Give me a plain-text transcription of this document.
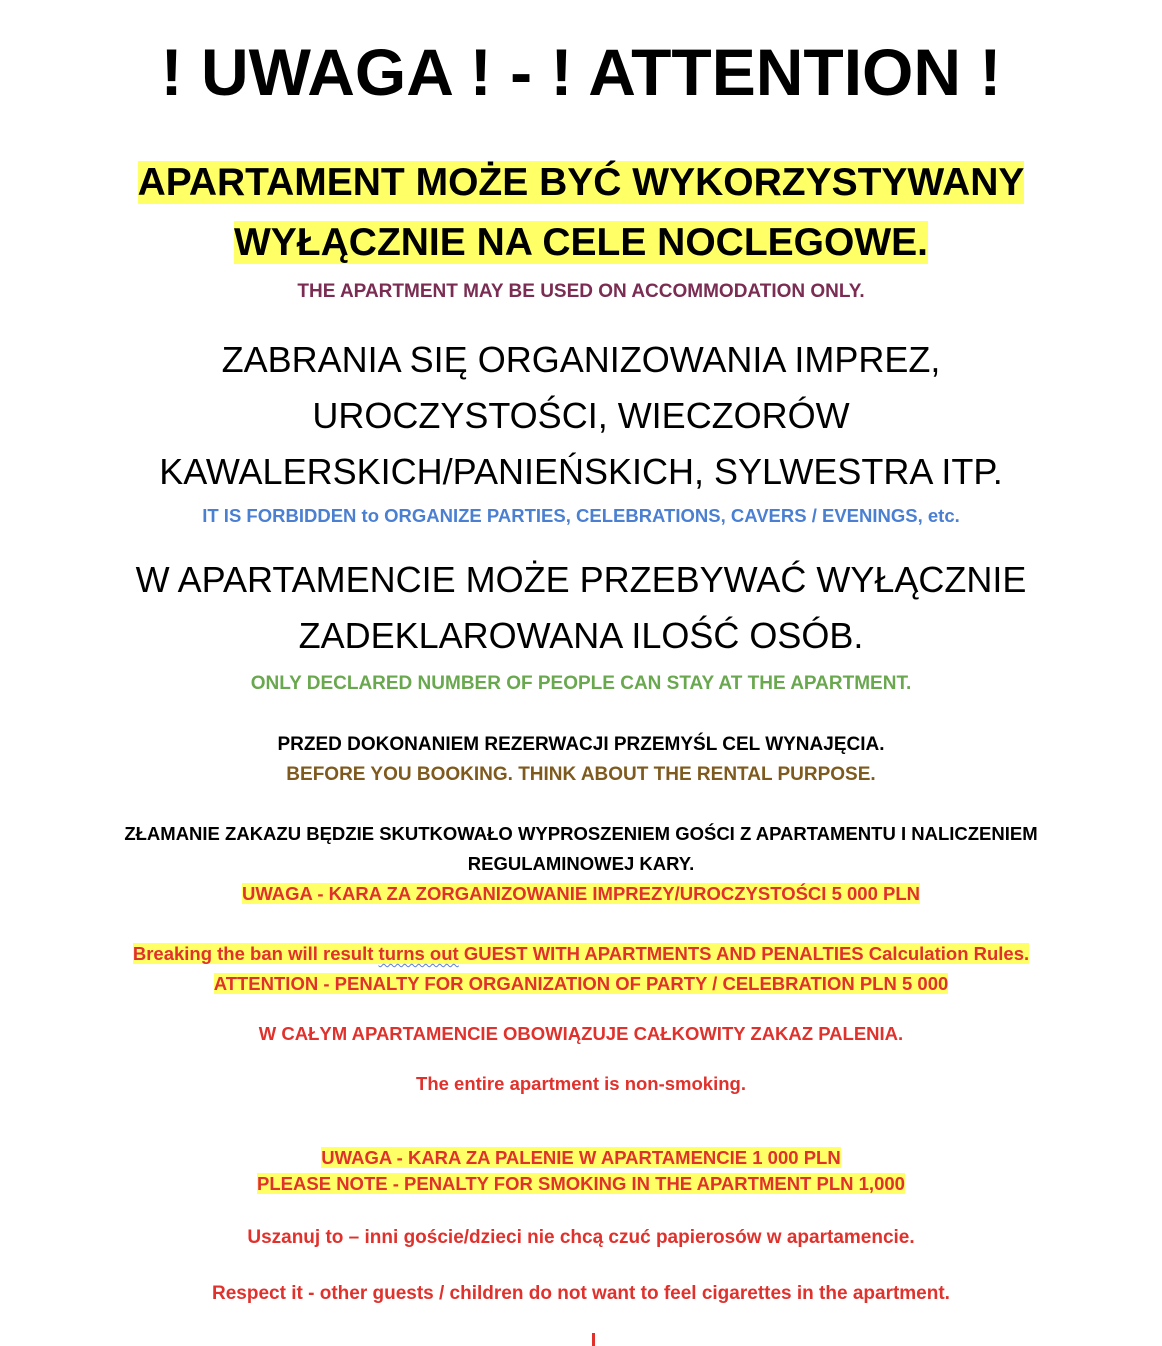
! UWAGA ! - ! ATTENTION !
APARTAMENT MOŻE BYĆ WYKORZYSTYWANY
WYŁĄCZNIE NA CELE NOCLEGOWE.
THE APARTMENT MAY BE USED ON ACCOMMODATION ONLY.
ZABRANIA SIĘ ORGANIZOWANIA IMPREZ,
UROCZYSTOŚCI, WIECZORÓW
KAWALERSKICH/PANIEŃSKICH, SYLWESTRA ITP.
IT IS FORBIDDEN to ORGANIZE PARTIES, CELEBRATIONS, CAVERS / EVENINGS, etc.
W APARTAMENCIE MOŻE PRZEBYWAĆ WYŁĄCZNIE
ZADEKLAROWANA ILOŚĆ OSÓB.
ONLY DECLARED NUMBER OF PEOPLE CAN STAY AT THE APARTMENT.
PRZED DOKONANIEM REZERWACJI PRZEMYŚL CEL WYNAJĘCIA.
BEFORE YOU BOOKING. THINK ABOUT THE RENTAL PURPOSE.
ZŁAMANIE ZAKAZU BĘDZIE SKUTKOWAŁO WYPROSZENIEM GOŚCI Z APARTAMENTU I NALICZENIEM
REGULAMINOWEJ KARY.
UWAGA - KARA ZA ZORGANIZOWANIE IMPREZY/UROCZYSTOŚCI 5 000 PLN
Breaking the ban will result turns out GUEST WITH APARTMENTS AND PENALTIES Calculation Rules.
ATTENTION - PENALTY FOR ORGANIZATION OF PARTY / CELEBRATION PLN 5 000
W CAŁYM APARTAMENCIE OBOWIĄZUJE CAŁKOWITY ZAKAZ PALENIA.
The entire apartment is non-smoking.
UWAGA - KARA ZA PALENIE W APARTAMENCIE 1 000 PLN
PLEASE NOTE - PENALTY FOR SMOKING IN THE APARTMENT PLN 1,000
Uszanuj to – inni goście/dzieci nie chcą czuć papierosów w apartamencie.
Respect it - other guests / children do not want to feel cigarettes in the apartment.
